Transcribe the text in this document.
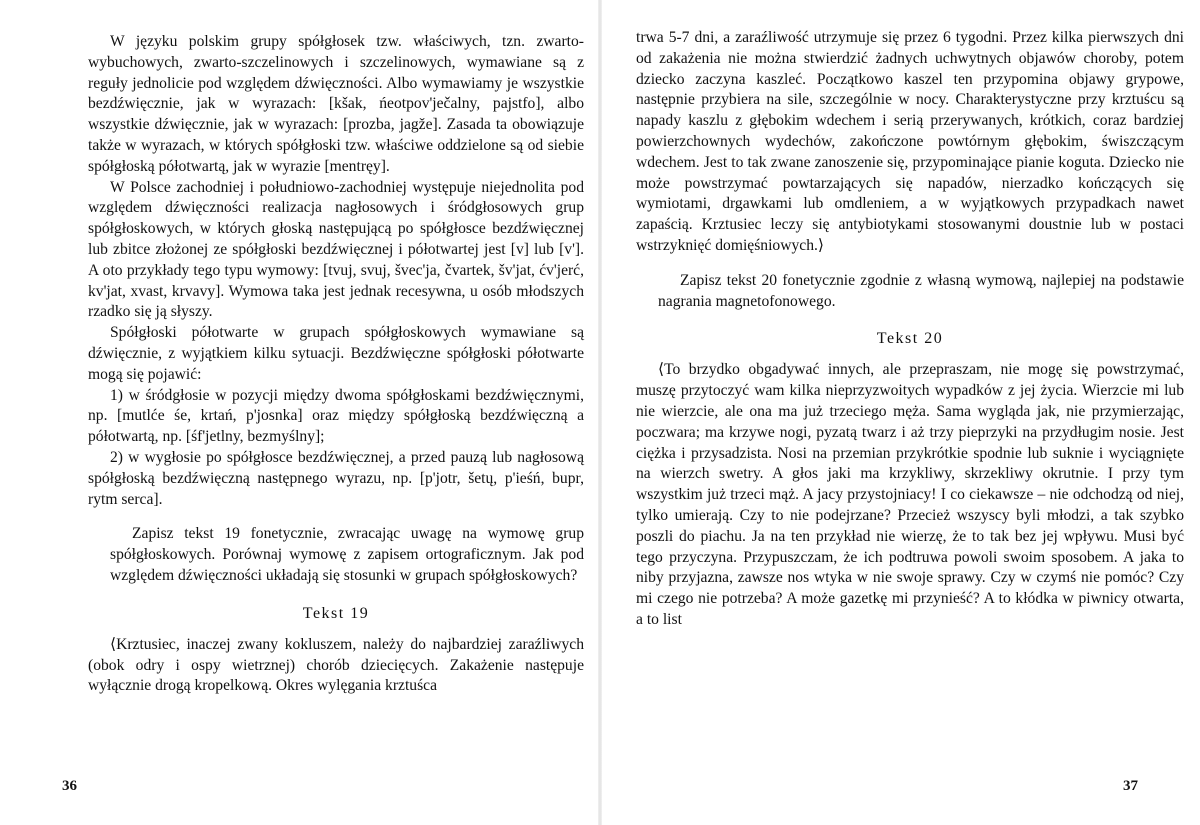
W języku polskim grupy spółgłosek tzw. właściwych, tzn. zwarto-wybuchowych, zwarto-szczelinowych i szczelinowych, wymawiane są z reguły jednolicie pod względem dźwięczności. Albo wymawiamy je wszystkie bezdźwięcznie, jak w wyrazach: [kšak, ńeotpov'ječalny, pajstfo], albo wszystkie dźwięcznie, jak w wyrazach: [prozba, jagže]. Zasada ta obowiązuje także w wyrazach, w których spółgłoski tzw. właściwe oddzielone są od siebie spółgłoską półotwartą, jak w wyrazie [mentręy].

W Polsce zachodniej i południowo-zachodniej występuje niejednolita pod względem dźwięczności realizacja nagłosowych i śródgłosowych grup spółgłoskowych, w których głoską następującą po spółgłosce bezdźwięcznej lub zbitce złożonej ze spółgłoski bezdźwięcznej i półotwartej jest [v] lub [v']. A oto przykłady tego typu wymowy: [tvuj, svuj, švec'ja, čvartek, šv'jat, ćv'jerć, kv'jat, xvast, krvavy]. Wymowa taka jest jednak recesywna, u osób młodszych rzadko się ją słyszy.

Spółgłoski półotwarte w grupach spółgłoskowych wymawiane są dźwięcznie, z wyjątkiem kilku sytuacji. Bezdźwięczne spółgłoski półotwarte mogą się pojawić:

1) w śródgłosie w pozycji między dwoma spółgłoskami bezdźwięcznymi, np. [mutlće śe, krtań, p'josnka] oraz między spółgłoską bezdźwięczną a półotwartą, np. [śf'jetlny, bezmyślny];

2) w wygłosie po spółgłosce bezdźwięcznej, a przed pauzą lub nagłosową spółgłoską bezdźwięczną następnego wyrazu, np. [p'jotr, šetų, p'ieśń, bupr, rytm serca].

Zapisz tekst 19 fonetycznie, zwracając uwagę na wymowę grup spółgłoskowych. Porównaj wymowę z zapisem ortograficznym. Jak pod względem dźwięczności układają się stosunki w grupach spółgłoskowych?

Tekst 19

⟨Krztusiec, inaczej zwany kokluszem, należy do najbardziej zaraźliwych (obok odry i ospy wietrznej) chorób dziecięcych. Zakażenie następuje wyłącznie drogą kropelkową. Okres wylęgania krztuśca

36

trwa 5-7 dni, a zaraźliwość utrzymuje się przez 6 tygodni. Przez kilka pierwszych dni od zakażenia nie można stwierdzić żadnych uchwytnych objawów choroby, potem dziecko zaczyna kaszleć. Początkowo kaszel ten przypomina objawy grypowe, następnie przybiera na sile, szczególnie w nocy. Charakterystyczne przy krztuścu są napady kaszlu z głębokim wdechem i serią przerywanych, krótkich, coraz bardziej powierzchownych wydechów, zakończone powtórnym głębokim, świszczącym wdechem. Jest to tak zwane zanoszenie się, przypominające pianie koguta. Dziecko nie może powstrzymać powtarzających się napadów, nierzadko kończących się wymiotami, drgawkami lub omdleniem, a w wyjątkowych przypadkach nawet zapaścią. Krztusiec leczy się antybiotykami stosowanymi doustnie lub w postaci wstrzyknięć domięśniowych.⟩

Zapisz tekst 20 fonetycznie zgodnie z własną wymową, najlepiej na podstawie nagrania magnetofonowego.

Tekst 20

⟨To brzydko obgadywać innych, ale przepraszam, nie mogę się powstrzymać, muszę przytoczyć wam kilka nieprzyzwoitych wypadków z jej życia. Wierzcie mi lub nie wierzcie, ale ona ma już trzeciego męża. Sama wygląda jak, nie przymierzając, poczwara; ma krzywe nogi, pyzatą twarz i aż trzy pieprzyki na przydługim nosie. Jest ciężka i przysadzista. Nosi na przemian przykrótkie spodnie lub suknie i wyciągnięte na wierzch swetry. A głos jaki ma krzykliwy, skrzekliwy okrutnie. I przy tym wszystkim już trzeci mąż. A jacy przystojniacy! I co ciekawsze – nie odchodzą od niej, tylko umierają. Czy to nie podejrzane? Przecież wszyscy byli młodzi, a tak szybko poszli do piachu. Ja na ten przykład nie wierzę, że to tak bez jej wpływu. Musi być tego przyczyna. Przypuszczam, że ich podtruwa powoli swoim sposobem. A jaka to niby przyjazna, zawsze nos wtyka w nie swoje sprawy. Czy w czymś nie pomóc? Czy mi czego nie potrzeba? A może gazetkę mi przynieść? A to kłódka w piwnicy otwarta, a to list

37
